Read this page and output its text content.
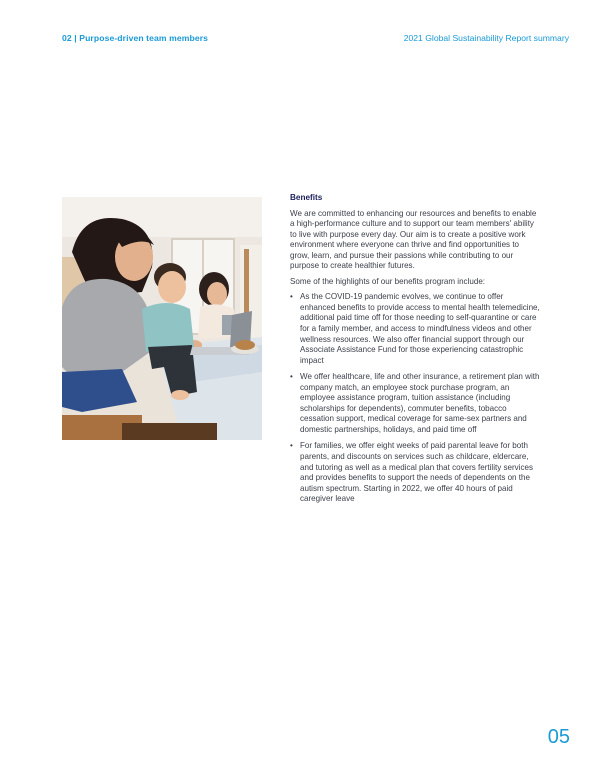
02 | Purpose-driven team members	2021 Global Sustainability Report summary
Benefits

We are committed to enhancing our resources and benefits to enable a high-performance culture and to support our team members' ability to live with purpose every day. Our aim is to create a positive work environment where everyone can thrive and find opportunities to grow, learn, and pursue their passions while contributing to our purpose to create healthier futures.

Some of the highlights of our benefits program include:

• As the COVID-19 pandemic evolves, we continue to offer enhanced benefits to provide access to mental health telemedicine, additional paid time off for those needing to self-quarantine or care for a family member, and access to mindfulness videos and other wellness resources. We also offer financial support through our Associate Assistance Fund for those experiencing catastrophic impact
• We offer healthcare, life and other insurance, a retirement plan with company match, an employee stock purchase program, an employee assistance program, tuition assistance (including scholarships for dependents), commuter benefits, tobacco cessation support, medical coverage for same-sex partners and domestic partnerships, holidays, and paid time off
• For families, we offer eight weeks of paid parental leave for both parents, and discounts on services such as childcare, eldercare, and tutoring as well as a medical plan that covers fertility services and provides benefits to support the needs of dependents on the autism spectrum. Starting in 2022, we offer 40 hours of paid caregiver leave
05
